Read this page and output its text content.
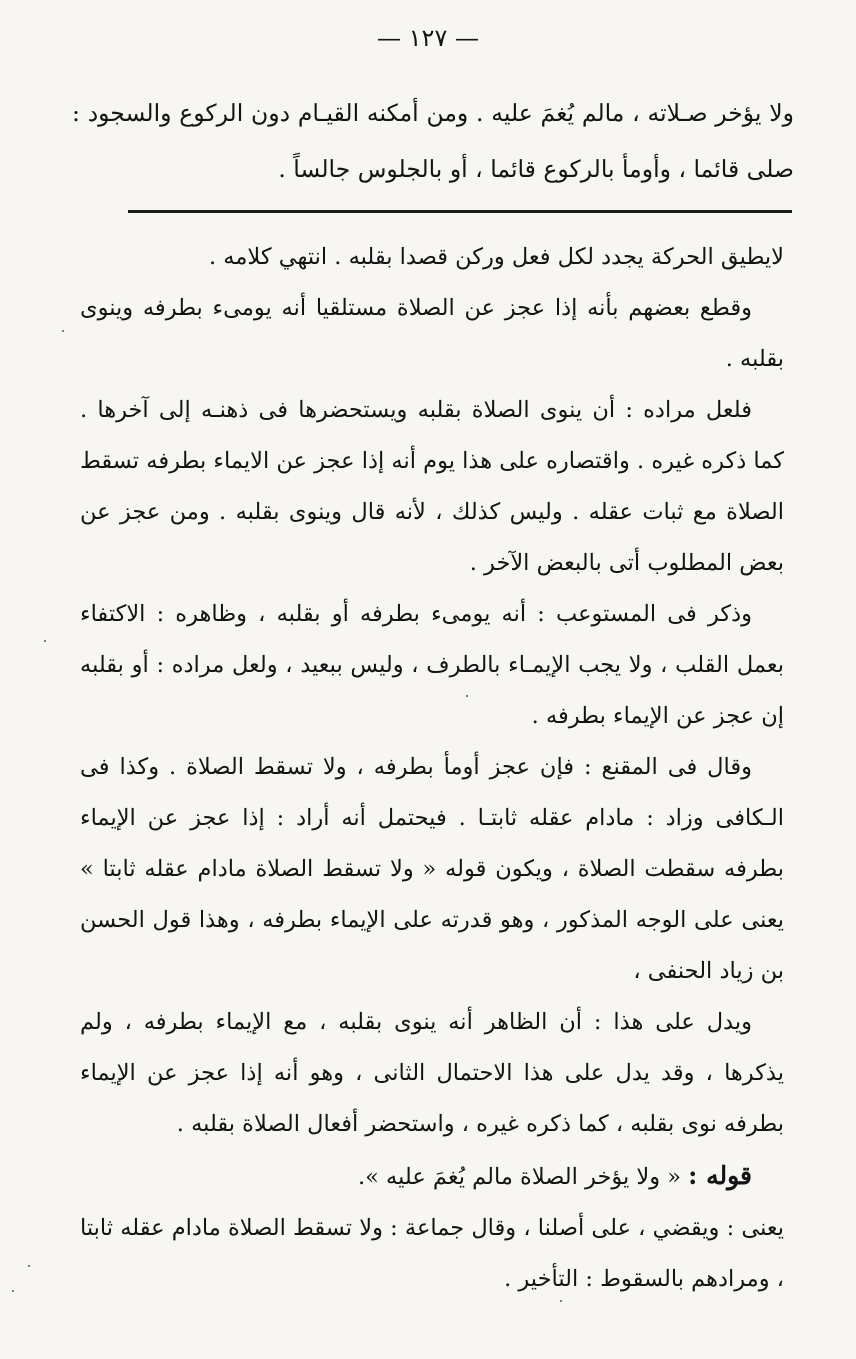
— ١٢٧ —

ولا يؤخر صـلاته ، مالم يُغمَ عليه . ومن أمكنه القيـام دون الركوع والسجود : صلى قائما ، وأومأ بالركوع قائما ، أو بالجلوس جالساً .

لايطيق الحركة يجدد لكل فعل وركن قصدا بقلبه . انتهي كلامه .

وقطع بعضهم بأنه إذا عجز عن الصلاة مستلقيا أنه يومىء بطرفه وينوى بقلبه .

فلعل مراده : أن ينوى الصلاة بقلبه ويستحضرها فى ذهنـه إلى آخرها . كما ذكره غيره . واقتصاره على هذا يوم أنه إذا عجز عن الايماء بطرفه تسقط الصلاة مع ثبات عقله . وليس كذلك ، لأنه قال وينوى بقلبه . ومن عجز عن بعض المطلوب أتى بالبعض الآخر .

وذكر فى المستوعب : أنه يومىء بطرفه أو بقلبه ، وظاهره : الاكتفاء بعمل القلب ، ولا يجب الإيمـاء بالطرف ، وليس ببعيد ، ولعل مراده : أو بقلبه إن عجز عن الإيماء بطرفه .

وقال فى المقنع : فإن عجز أومأ بطرفه ، ولا تسقط الصلاة . وكذا فى الـكافى وزاد : مادام عقله ثابتـا . فيحتمل أنه أراد : إذا عجز عن الإيماء بطرفه سقطت الصلاة ، ويكون قوله « ولا تسقط الصلاة مادام عقله ثابتا » يعنى على الوجه المذكور ، وهو قدرته على الإيماء بطرفه ، وهذا قول الحسن بن زياد الحنفى ،

ويدل على هذا : أن الظاهر أنه ينوى بقلبه ، مع الإيماء بطرفه ، ولم يذكرها ، وقد يدل على هذا الاحتمال الثانى ، وهو أنه إذا عجز عن الإيماء بطرفه نوى بقلبه ، كما ذكره غيره ، واستحضر أفعال الصلاة بقلبه .

قوله : « ولا يؤخر الصلاة مالم يُغمَ عليه ».

يعنى : ويقضي ، على أصلنا ، وقال جماعة : ولا تسقط الصلاة مادام عقله ثابتا ، ومرادهم بالسقوط : التأخير .
